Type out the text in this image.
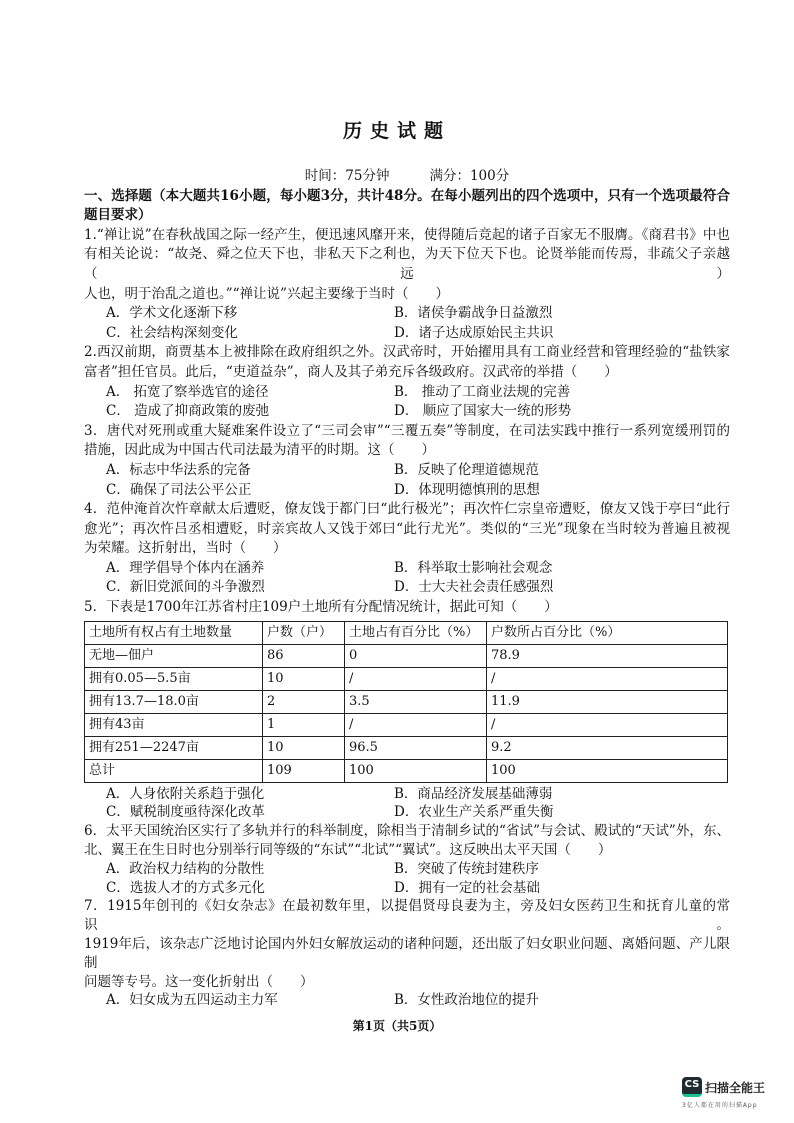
历史试题
时间：75分钟	满分：100分
一、选择题（本大题共16小题，每小题3分，共计48分。在每小题列出的四个选项中，只有一个选项最符合
题目要求）
1.“禅让说”在春秋战国之际一经产生，便迅速风靡开来，使得随后竞起的诸子百家无不服膺。《商君书》中也
有相关论说：“故尧、舜之位天下也，非私天下之利也，为天下位天下也。论贤举能而传焉，非疏父子亲越（远）
人也，明于治乱之道也。”“禅让说”兴起主要缘于当时（　　）
A．学术文化逐渐下移	B．诸侯争霸战争日益激烈
C．社会结构深刻变化	D．诸子达成原始民主共识
2.西汉前期，商贾基本上被排除在政府组织之外。汉武帝时，开始擢用具有工商业经营和管理经验的“盐铁家
富者”担任官员。此后，“吏道益杂”，商人及其子弟充斥各级政府。汉武帝的举措（　　）
A． 拓宽了察举选官的途径	B． 推动了工商业法规的完善
C． 造成了抑商政策的废弛	D． 顺应了国家大一统的形势
3．唐代对死刑或重大疑难案件设立了“三司会审”“三覆五奏”等制度，在司法实践中推行一系列宽缓刑罚的
措施，因此成为中国古代司法最为清平的时期。这（　　）
A．标志中华法系的完备	B．反映了伦理道德规范
C．确保了司法公平公正	D．体现明德慎刑的思想
4．范仲淹首次忤章献太后遭贬，僚友饯于都门曰“此行极光”；再次忤仁宗皇帝遭贬，僚友又饯于亭曰“此行
愈光”；再次忤吕丞相遭贬，时亲宾故人又饯于郊曰“此行尤光”。类似的“三光”现象在当时较为普遍且被视
为荣耀。这折射出，当时（　　）
A．理学倡导个体内在涵养	B．科举取士影响社会观念
C．新旧党派间的斗争激烈	D．士大夫社会责任感强烈
5．下表是1700年江苏省村庄109户土地所有分配情况统计，据此可知（　　）
土地所有权占有土地数量	户数（户）	土地占有百分比（%）	户数所占百分比（%）
无地—佃户	86	0	78.9
拥有0.05—5.5亩	10	/	/
拥有13.7—18.0亩	2	3.5	11.9
拥有43亩	1	/	/
拥有251—2247亩	10	96.5	9.2
总计	109	100	100
A．人身依附关系趋于强化	B．商品经济发展基础薄弱
C．赋税制度亟待深化改革	D．农业生产关系严重失衡
6．太平天国统治区实行了多轨并行的科举制度，除相当于清制乡试的“省试”与会试、殿试的“天试”外，东、
北、翼王在生日时也分别举行同等级的“东试”“北试”“翼试”。这反映出太平天国（　　）
A．政治权力结构的分散性	B．突破了传统封建秩序
C．选拔人才的方式多元化	D．拥有一定的社会基础
7．1915年创刊的《妇女杂志》在最初数年里，以提倡贤母良妻为主，旁及妇女医药卫生和抚育儿童的常识。
1919年后，该杂志广泛地讨论国内外妇女解放运动的诸种问题，还出版了妇女职业问题、离婚问题、产儿限制
问题等专号。这一变化折射出（　　）
A．妇女成为五四运动主力军	B．女性政治地位的提升
第1页（共5页）
CS 扫描全能王
3亿人都在用的扫描App
